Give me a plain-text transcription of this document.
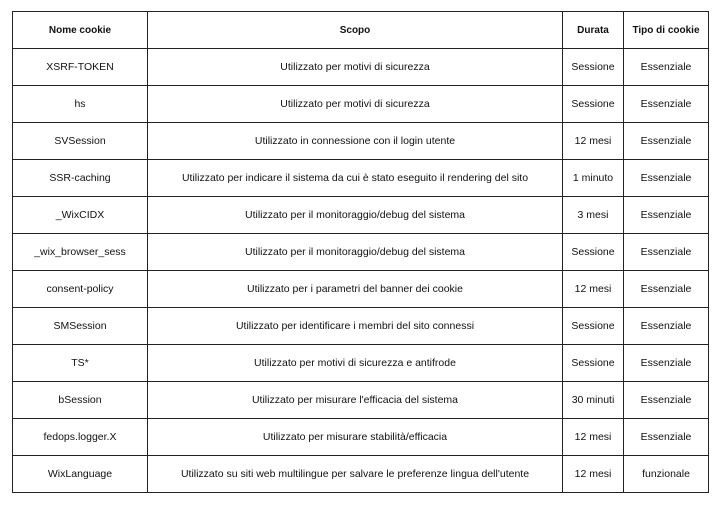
Nome cookie	Scopo	Durata	Tipo di cookie
XSRF-TOKEN	Utilizzato per motivi di sicurezza	Sessione	Essenziale
hs	Utilizzato per motivi di sicurezza	Sessione	Essenziale
SVSession	Utilizzato in connessione con il login utente	12 mesi	Essenziale
SSR-caching	Utilizzato per indicare il sistema da cui è stato eseguito il rendering del sito	1 minuto	Essenziale
_WixCIDX	Utilizzato per il monitoraggio/debug del sistema	3 mesi	Essenziale
_wix_browser_sess	Utilizzato per il monitoraggio/debug del sistema	Sessione	Essenziale
consent-policy	Utilizzato per i parametri del banner dei cookie	12 mesi	Essenziale
SMSession	Utilizzato per identificare i membri del sito connessi	Sessione	Essenziale
TS*	Utilizzato per motivi di sicurezza e antifrode	Sessione	Essenziale
bSession	Utilizzato per misurare l'efficacia del sistema	30 minuti	Essenziale
fedops.logger.X	Utilizzato per misurare stabilità/efficacia	12 mesi	Essenziale
WixLanguage	Utilizzato su siti web multilingue per salvare le preferenze lingua dell'utente	12 mesi	funzionale
